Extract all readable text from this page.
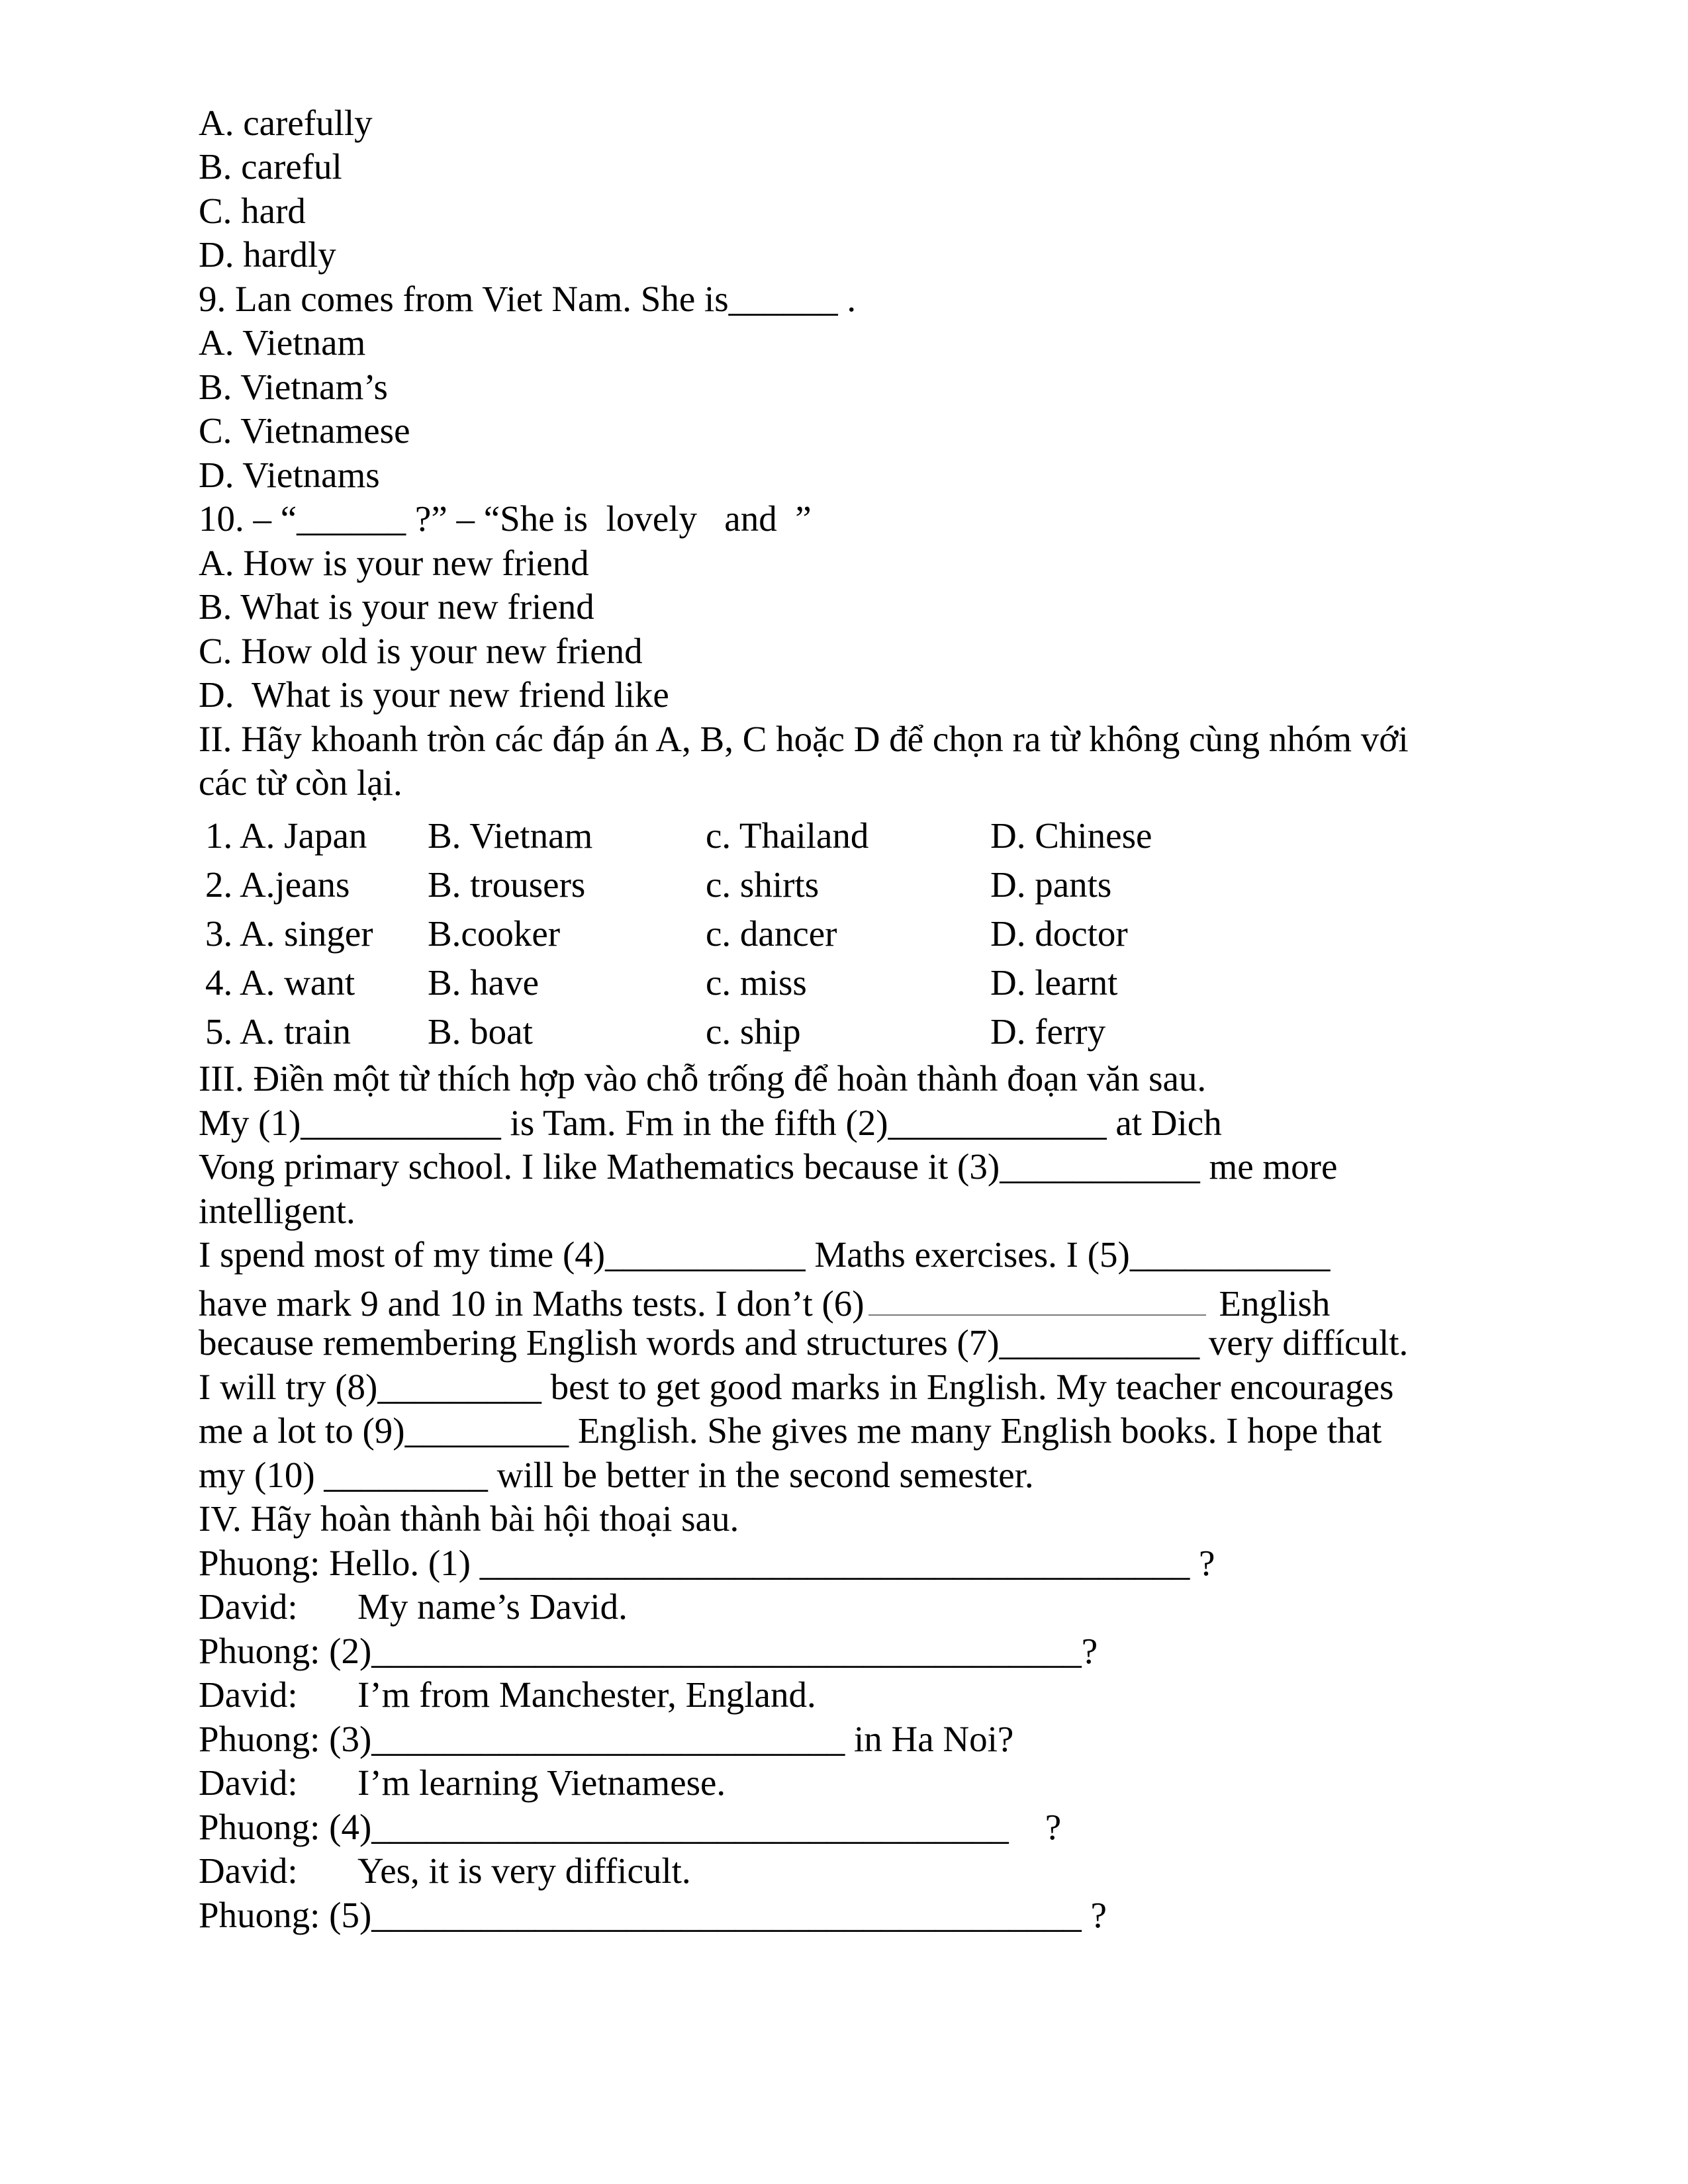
A. carefully
B. careful
C. hard
D. hardly
9. Lan comes from Viet Nam. She is______ .
A. Vietnam
B. Vietnam’s
C. Vietnamese
D. Vietnams
10. – “______ ?” – “She is  lovely   and  ”
A. How is your new friend
B. What is your new friend
C. How old is your new friend
D.  What is your new friend like
II. Hãy khoanh tròn các đáp án A, B, C hoặc D để chọn ra từ không cùng nhóm với
các từ còn lại.
1. A. Japan B. Vietnam	c. Thailand	D. Chinese
2. A.jeans B. trousers	c. shirts	D. pants
3. A. singer B.cooker	c. dancer	D. doctor
4. A. want B. have	c. miss	D. learnt
5. A. train B. boat	c. ship	D. ferry
III. Điền một từ thích hợp vào chỗ trống để hoàn thành đoạn văn sau.
My (1)___________ is Tam. Fm in the fifth (2)____________ at Dich
Vong primary school. I like Mathematics because it (3)___________ me more
intelligent.
I spend most of my time (4)___________ Maths exercises. I (5)___________
have mark 9 and 10 in Maths tests. I don’t (6)	English
because remembering English words and structures (7)___________ very diffícult.
I will try (8)_________ best to get good marks in English. My teacher encourages
me a lot to (9)_________ English. She gives me many English books. I hope that
my (10) _________ will be better in the second semester.
IV. Hãy hoàn thành bài hội thoại sau.
Phuong: Hello. (1) _______________________________________ ?
David: My name’s David.
Phuong: (2)_______________________________________?
David: I’m from Manchester, England.
Phuong: (3)__________________________ in Ha Noi?
David: I’m learning Vietnamese.
Phuong: (4)___________________________________    ?
David: Yes, it is very difficult.
Phuong: (5)_______________________________________ ?
